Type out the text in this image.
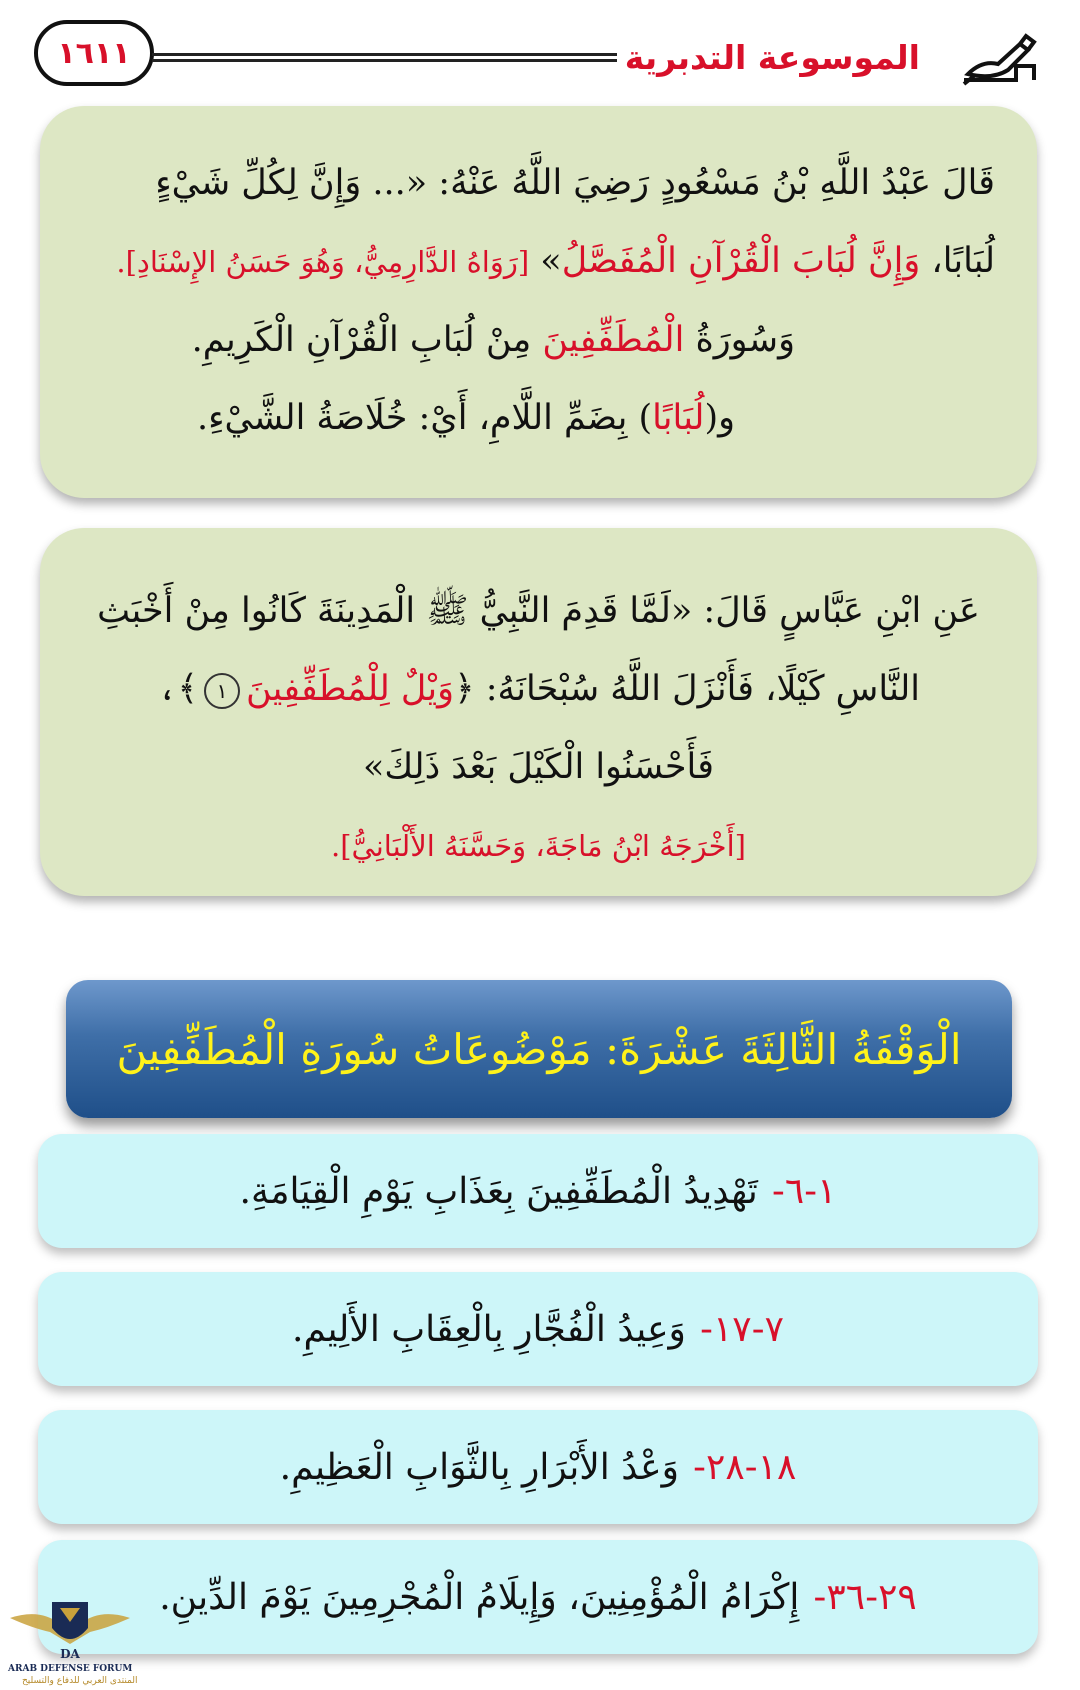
١٦١١	الموسوعة التدبرية
قَالَ عَبْدُ اللَّهِ بْنُ مَسْعُودٍ رَضِيَ اللَّهُ عَنْهُ: «... وَإِنَّ لِكُلِّ شَيْءٍ
لُبَابًا، وَإِنَّ لُبَابَ الْقُرْآنِ الْمُفَصَّلُ» [رَوَاهُ الدَّارِمِيُّ، وَهُوَ حَسَنُ الإِسْنَادِ].
وَسُورَةُ الْمُطَفِّفِينَ مِنْ لُبَابِ الْقُرْآنِ الْكَرِيمِ.
و(لُبَابًا) بِضَمِّ اللَّامِ، أَيْ: خُلَاصَةُ الشَّيْءِ.
عَنِ ابْنِ عَبَّاسٍ قَالَ: «لَمَّا قَدِمَ النَّبِيُّ ﷺ الْمَدِينَةَ كَانُوا مِنْ أَخْبَثِ
النَّاسِ كَيْلًا، فَأَنْزَلَ اللَّهُ سُبْحَانَهُ: ﴿وَيْلٌ لِلْمُطَفِّفِينَ١﴾،
فَأَحْسَنُوا الْكَيْلَ بَعْدَ ذَلِكَ»
[أَخْرَجَهُ ابْنُ مَاجَةَ، وَحَسَّنَهُ الأَلْبَانِيُّ].
الْوَقْفَةُ الثَّالِثَةَ عَشْرَةَ: مَوْضُوعَاتُ سُورَةِ الْمُطَفِّفِينَ
١-٦-
تَهْدِيدُ الْمُطَفِّفِينَ بِعَذَابِ يَوْمِ الْقِيَامَةِ.
٧-١٧-
وَعِيدُ الْفُجَّارِ بِالْعِقَابِ الأَلِيمِ.
١٨-٢٨-
وَعْدُ الأَبْرَارِ بِالثَّوَابِ الْعَظِيمِ.
٢٩-٣٦-
إِكْرَامُ الْمُؤْمِنِينَ، وَإِيلَامُ الْمُجْرِمِينَ يَوْمَ الدِّينِ.
DA
ARAB DEFENSE FORUM
المنتدى العربي للدفاع والتسليح
